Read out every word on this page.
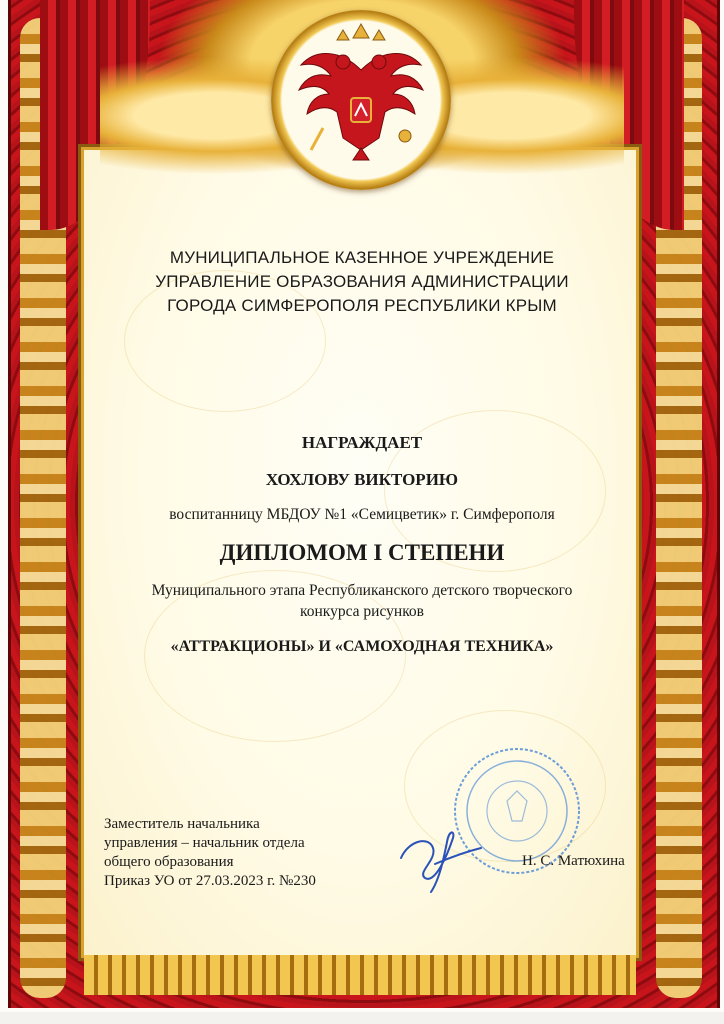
МУНИЦИПАЛЬНОЕ КАЗЕННОЕ УЧРЕЖДЕНИЕ
УПРАВЛЕНИЕ ОБРАЗОВАНИЯ АДМИНИСТРАЦИИ
ГОРОДА СИМФЕРОПОЛЯ РЕСПУБЛИКИ КРЫМ
НАГРАЖДАЕТ
ХОХЛОВУ ВИКТОРИЮ
воспитанницу МБДОУ №1 «Семицветик» г. Симферополя
ДИПЛОМОМ I СТЕПЕНИ
Муниципального этапа Республиканского детского творческого
конкурса рисунков
«АТТРАКЦИОНЫ» И «САМОХОДНАЯ ТЕХНИКА»
Заместитель начальника
управления – начальник отдела
общего образования
Приказ УО от 27.03.2023 г. №230
Н. С. Матюхина
